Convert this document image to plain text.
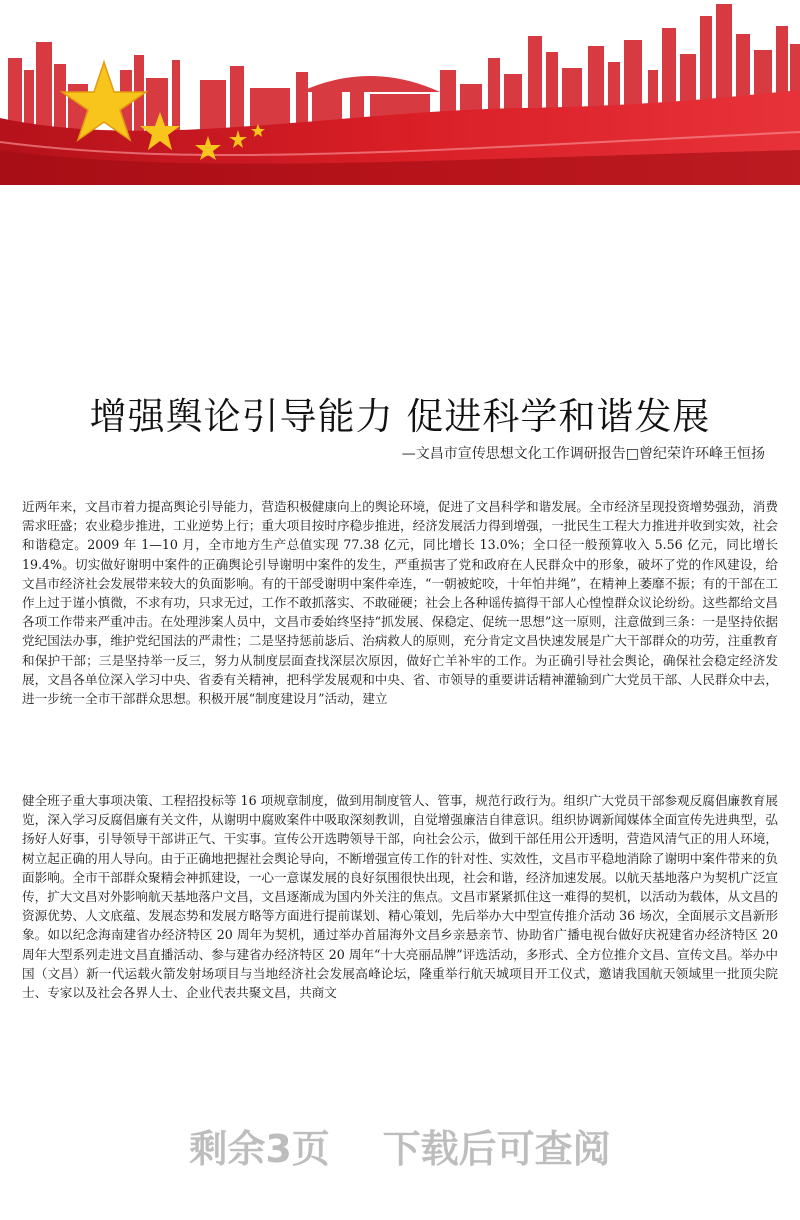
增强舆论引导能力 促进科学和谐发展
—文昌市宣传思想文化工作调研报告□曾纪荣许环峰王恒扬

近两年来，文昌市着力提高舆论引导能力，营造积极健康向上的舆论环境，促进了文昌科学和谐发展。全市经济呈现投资增势强劲，消费需求旺盛；农业稳步推进，工业逆势上行；重大项目按时序稳步推进，经济发展活力得到增强，一批民生工程大力推进并收到实效，社会和谐稳定。2009 年 1—10 月，全市地方生产总值实现 77.38 亿元，同比增长 13.0%；全口径一般预算收入 5.56 亿元，同比增长 19.4%。切实做好谢明中案件的正确舆论引导谢明中案件的发生，严重损害了党和政府在人民群众中的形象，破坏了党的作风建设，给文昌市经济社会发展带来较大的负面影响。有的干部受谢明中案件牵连，“一朝被蛇咬，十年怕井绳”，在精神上萎靡不振；有的干部在工作上过于谨小慎微，不求有功，只求无过，工作不敢抓落实、不敢碰硬；社会上各种谣传搞得干部人心惶惶群众议论纷纷。这些都给文昌各项工作带来严重冲击。在处理涉案人员中，文昌市委始终坚持“抓发展、保稳定、促统一思想”这一原则，注意做到三条：一是坚持依据党纪国法办事，维护党纪国法的严肃性；二是坚持惩前毖后、治病救人的原则，充分肯定文昌快速发展是广大干部群众的功劳，注重教育和保护干部；三是坚持举一反三，努力从制度层面查找深层次原因，做好亡羊补牢的工作。为正确引导社会舆论，确保社会稳定经济发展，文昌各单位深入学习中央、省委有关精神，把科学发展观和中央、省、市领导的重要讲话精神灌输到广大党员干部、人民群众中去，进一步统一全市干部群众思想。积极开展“制度建设月”活动，建立

健全班子重大事项决策、工程招投标等 16 项规章制度，做到用制度管人、管事，规范行政行为。组织广大党员干部参观反腐倡廉教育展览，深入学习反腐倡廉有关文件，从谢明中腐败案件中吸取深刻教训，自觉增强廉洁自律意识。组织协调新闻媒体全面宣传先进典型，弘扬好人好事，引导领导干部讲正气、干实事。宣传公开选聘领导干部，向社会公示，做到干部任用公开透明，营造风清气正的用人环境，树立起正确的用人导向。由于正确地把握社会舆论导向，不断增强宣传工作的针对性、实效性，文昌市平稳地消除了谢明中案件带来的负面影响。全市干部群众聚精会神抓建设，一心一意谋发展的良好氛围很快出现，社会和谐，经济加速发展。以航天基地落户为契机广泛宣传，扩大文昌对外影响航天基地落户文昌，文昌逐渐成为国内外关注的焦点。文昌市紧紧抓住这一难得的契机，以活动为载体，从文昌的资源优势、人文底蕴、发展态势和发展方略等方面进行提前谋划、精心策划，先后举办大中型宣传推介活动 36 场次，全面展示文昌新形象。如以纪念海南建省办经济特区 20 周年为契机，通过举办首届海外文昌乡亲悬亲节、协助省广播电视台做好庆祝建省办经济特区 20 周年大型系列走进文昌直播活动、参与建省办经济特区 20 周年“十大亮丽品牌”评选活动，多形式、全方位推介文昌、宣传文昌。举办中国（文昌）新一代运载火箭发射场项目与当地经济社会发展高峰论坛，隆重举行航天城项目开工仪式，邀请我国航天领域里一批顶尖院士、专家以及社会各界人士、企业代表共聚文昌，共商文

剩余3页    下载后可查阅
